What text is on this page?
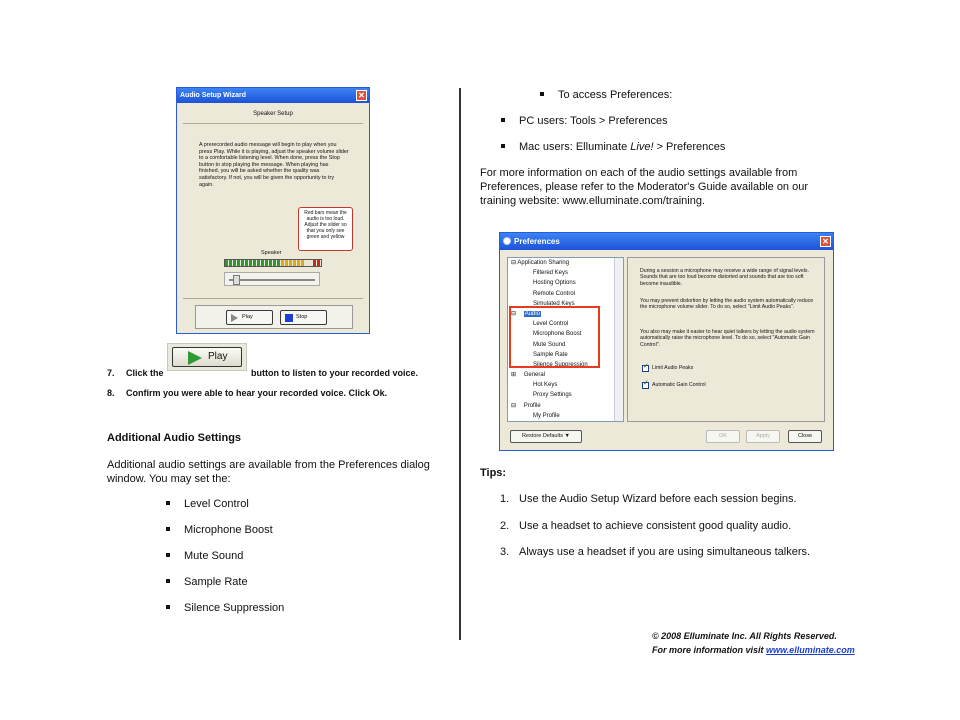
Audio Setup Wizard	✕
Speaker Setup
A prerecorded audio message will begin to play when you press Play. While it is playing, adjust the speaker volume slider to a comfortable listening level. When done, press the Stop button to stop playing the message. When playing has finished, you will be asked whether the quality was satisfactory. If not, you will be given the opportunity to try again.
Red bars mean the audio is too loud. Adjust the slider so that you only see green and yellow
Speaker
Play	Stop
7. Click the
Play
button to listen to your recorded voice.
8. Confirm you were able to hear your recorded voice. Click Ok.
Additional Audio Settings
Additional audio settings are available from the Preferences dialog window. You may set the:
Level Control
Microphone Boost
Mute Sound
Sample Rate
Silence Suppression
To access Preferences:
PC users: Tools > Preferences
Mac users: Elluminate Live! > Preferences
For more information on each of the audio settings available from Preferences, please refer to the Moderator's Guide available on our training website: www.elluminate.com/training.
Preferences	✕
⊟ Application Sharing
Filtered Keys
Hosting Options
Remote Control
Simulated Keys
⊟ Audio
Level Control
Microphone Boost
Mute Sound
Sample Rate
Silence Suppression
⊞ General
Hot Keys
Proxy Settings
⊟ Profile
My Profile
During a session a microphone may receive a wide range of signal levels. Sounds that are too loud become distorted and sounds that are too soft become inaudible.
You may prevent distortion by letting the audio system automatically reduce the microphone volume slider. To do so, select "Limit Audio Peaks".
You also may make it easier to hear quiet talkers by letting the audio system automatically raise the microphone level. To do so, select "Automatic Gain Control".
✓
Limit Audio Peaks
✓
Automatic Gain Control
Restore Defaults ▼	OK	Apply	Close
Tips:
1. Use the Audio Setup Wizard before each session begins.
2. Use a headset to achieve consistent good quality audio.
3. Always use a headset if you are using simultaneous talkers.
© 2008 Elluminate Inc. All Rights Reserved.
For more information visit www.elluminate.com
